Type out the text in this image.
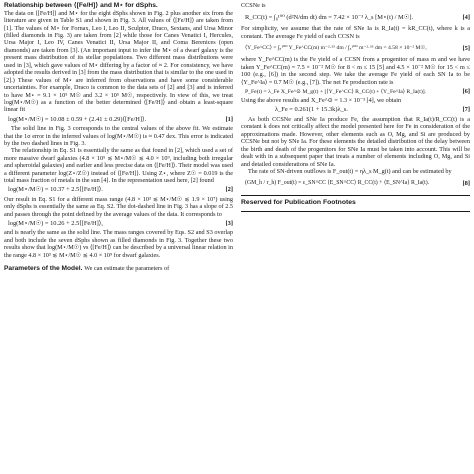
Relationship between ⟨[Fe/H]⟩ and M⋆ for dSphs.

The data on ⟨[Fe/H]⟩ and M⋆ for the eight dSphs shown in Fig. 2 plus another six from the literature are given in Table S1 and shown in Fig. 3. All values of ⟨[Fe/H]⟩ are taken from [1]. The values of M⋆ for Fornax, Leo I, Leo II, Sculptor, Draco, Sextans, and Ursa Minor (filled diamonds in Fig. 3) are taken from [2] while those for Canes Venatici I, Hercules, Ursa Major I, Leo IV, Canes Venatici II, Ursa Major II, and Coma Berenices (open diamonds) are taken from [3]. (An important input to infer the M⋆ of a dwarf galaxy is the present mass distribution of its stellar populations. Two different mass distributions were used in [3], which gave values of M⋆ differing by a factor of ≈ 2. For consistency, we have adopted the results derived in [3] from the mass distribution that is similar to the one used in [2].) These values of M⋆ are inferred from observations and have some considerable uncertainties. For example, Draco is common to the data sets of [2] and [3] and is inferred to have M⋆ = 9.1 × 10⁵ M☉ and 3.2 × 10⁵ M☉, respectively. In view of this, we treat log(M⋆/M☉) as a function of the better determined ⟨[Fe/H]⟩ and obtain a least-square linear fit

log(M⋆/M☉) = 10.08 ± 0.59 + (2.41 ± 0.29)⟨[Fe/H]⟩.	[1]

The solid line in Fig. 3 corresponds to the central values of the above fit. We estimate that the 1σ error in the inferred values of log(M⋆/M☉) is ≈ 0.47 dex. This error is indicated by the two dashed lines in Fig. 3.

The relationship in Eq. S1 is essentially the same as that found in [2], which used a set of more massive dwarf galaxies (4.8 × 10⁵ ≲ M⋆/M☉ ≲ 4.0 × 10⁹, including both irregular and spheroidal galaxies) and earlier and less precise data on ⟨[Fe/H]⟩. Their model was used a different parameter log(Z⋆/Z☉) instead of ⟨[Fe/H]⟩. Using Z⋆, where Z☉ = 0.019 is the total mass fraction of metals in the sun [4]. In the representation used here, [2] found

log(M⋆/M☉) = 10.37 + 2.5⟨[Fe/H]⟩.	[2]

Our result in Eq. S1 for a different mass range (4.8 × 10³ ≲ M⋆/M☉ ≲ 1.9 × 10⁷) using only dSphs is essentially the same as Eq. S2. The dot-dashed line in Fig. 3 has a slope of 2.5 and passes through the point defined by the average values of the data. It corresponds to

log(M⋆/M☉) = 10.26 + 2.5⟨[Fe/H]⟩,	[3]

and is nearly the same as the solid line. The mass ranges covered by Eqs. S2 and S3 overlap and both include the seven dSphs shown as filled diamonds in Fig. 3. Together these two results show that log(M⋆/M☉) vs ⟨[Fe/H]⟩ can be described by a universal linear relation in the range 4.8 × 10³ ≲ M⋆/M☉ ≲ 4.0 × 10⁹ for dwarf galaxies.

Parameters of the Model. We can estimate the parameters of

CCSNe is

R_CC(t) = ∫₈¹⁰⁰ (d²N/dm dt) dm = 7.42 × 10⁻³ λ_s [M⋆(t) / M☉].	[4]

For simplicity, we assume that the rate of SNe Ia is R_Ia(t) = kR_CC(t), where k is a constant. The average Fe yield of each CCSN is

⟨Y_Fe^CC⟩ = ∫₈¹⁰⁰ Y_Fe^CC(m) m⁻²·³⁵ dm / ∫₈¹⁰⁰ m⁻²·³⁵ dm = 4.58 × 10⁻² M☉,	[5]

where Y_Fe^CC(m) is the Fe yield of a CCSN from a progenitor of mass m and we have taken Y_Fe^CC(m) = 7.5 × 10⁻² M☉ for 8 < m ≤ 15 [5] and 4.5 × 10⁻² M☉ for 15 < m ≤ 100 (e.g., [6]) in the second step. We take the average Fe yield of each SN Ia to be ⟨Y_Fe^Ia⟩ = 0.7 M☉ (e.g., [7]). The net Fe production rate is

P_Fe(t) = λ_Fe X_Fe^⊙ M_g(t) + [⟨Y_Fe^CC⟩ R_CC(t) + ⟨Y_Fe^Ia⟩ R_Ia(t)].	[6]

Using the above results and X_Fe^⊙ = 1.3 × 10⁻³ [4], we obtain

λ_Fe = 0.261(1 + 15.3k)λ_s.	[7]

As both CCSNe and SNe Ia produce Fe, the assumption that R_Ia(t)/R_CC(t) is a constant k does not critically affect the model presented here for Fe in consideration of the approximations made. However, other elements such as O, Mg, and Si are produced by CCSNe but not by SNe Ia. For these elements the detailed distribution of the delay between the birth and death of the progenitors for SNe Ia must be taken into account. This will be dealt with in a subsequent paper that treats a number of elements including O, Mg, and Si and detailed considerations of SNe Ia.

The rate of SN-driven outflows is F_out(t) = ηλ_s M_g(t) and can be estimated by

(GM_h / r_h) F_out(t) = ε_SN^CC ⟨E_SN^CC⟩ R_CC(t) + ⟨E_SN^Ia⟩ R_Ia(t).	[8]
Reserved for Publication Footnotes
